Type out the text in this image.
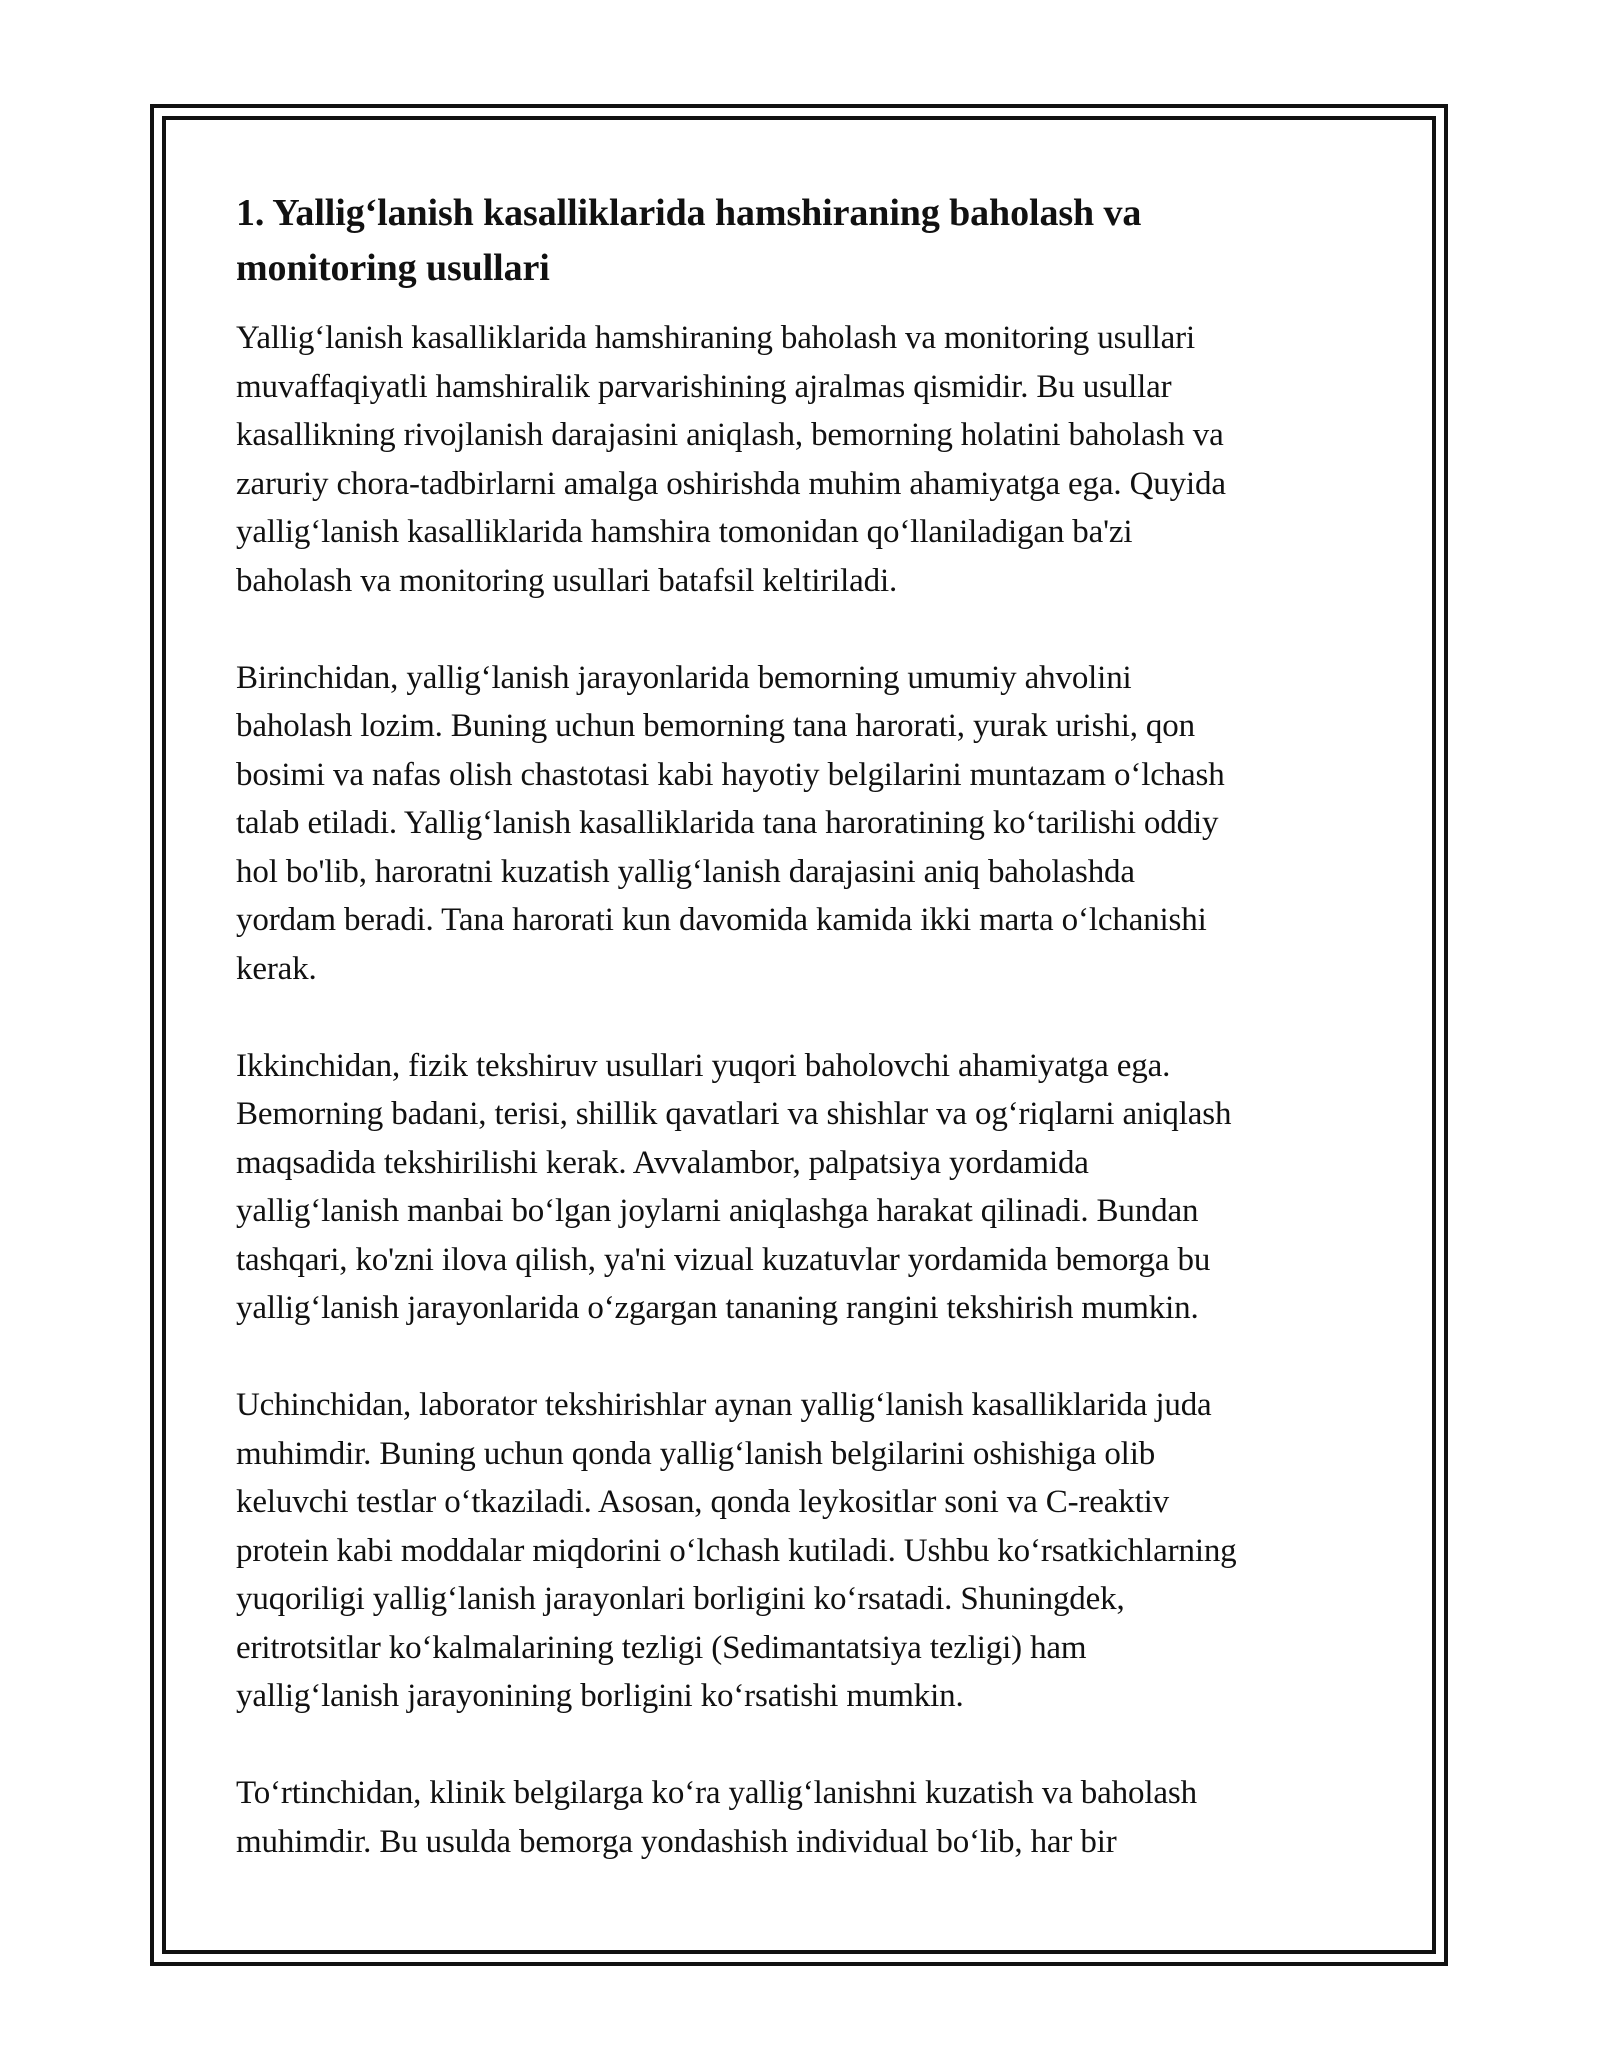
1. Yallig‘lanish kasalliklarida hamshiraning baholash va
monitoring usullari

Yallig‘lanish kasalliklarida hamshiraning baholash va monitoring usullari
muvaffaqiyatli hamshiralik parvarishining ajralmas qismidir. Bu usullar
kasallikning rivojlanish darajasini aniqlash, bemorning holatini baholash va
zaruriy chora-tadbirlarni amalga oshirishda muhim ahamiyatga ega. Quyida
yallig‘lanish kasalliklarida hamshira tomonidan qo‘llaniladigan ba'zi
baholash va monitoring usullari batafsil keltiriladi.

Birinchidan, yallig‘lanish jarayonlarida bemorning umumiy ahvolini
baholash lozim. Buning uchun bemorning tana harorati, yurak urishi, qon
bosimi va nafas olish chastotasi kabi hayotiy belgilarini muntazam o‘lchash
talab etiladi. Yallig‘lanish kasalliklarida tana haroratining ko‘tarilishi oddiy
hol bo'lib, haroratni kuzatish yallig‘lanish darajasini aniq baholashda
yordam beradi. Tana harorati kun davomida kamida ikki marta o‘lchanishi
kerak.

Ikkinchidan, fizik tekshiruv usullari yuqori baholovchi ahamiyatga ega.
Bemorning badani, terisi, shillik qavatlari va shishlar va og‘riqlarni aniqlash
maqsadida tekshirilishi kerak. Avvalambor, palpatsiya yordamida
yallig‘lanish manbai bo‘lgan joylarni aniqlashga harakat qilinadi. Bundan
tashqari, ko'zni ilova qilish, ya'ni vizual kuzatuvlar yordamida bemorga bu
yallig‘lanish jarayonlarida o‘zgargan tananing rangini tekshirish mumkin.

Uchinchidan, laborator tekshirishlar aynan yallig‘lanish kasalliklarida juda
muhimdir. Buning uchun qonda yallig‘lanish belgilarini oshishiga olib
keluvchi testlar o‘tkaziladi. Asosan, qonda leykositlar soni va C-reaktiv
protein kabi moddalar miqdorini o‘lchash kutiladi. Ushbu ko‘rsatkichlarning
yuqoriligi yallig‘lanish jarayonlari borligini ko‘rsatadi. Shuningdek,
eritrotsitlar ko‘kalmalarining tezligi (Sedimantatsiya tezligi) ham
yallig‘lanish jarayonining borligini ko‘rsatishi mumkin.

To‘rtinchidan, klinik belgilarga ko‘ra yallig‘lanishni kuzatish va baholash
muhimdir. Bu usulda bemorga yondashish individual bo‘lib, har bir
